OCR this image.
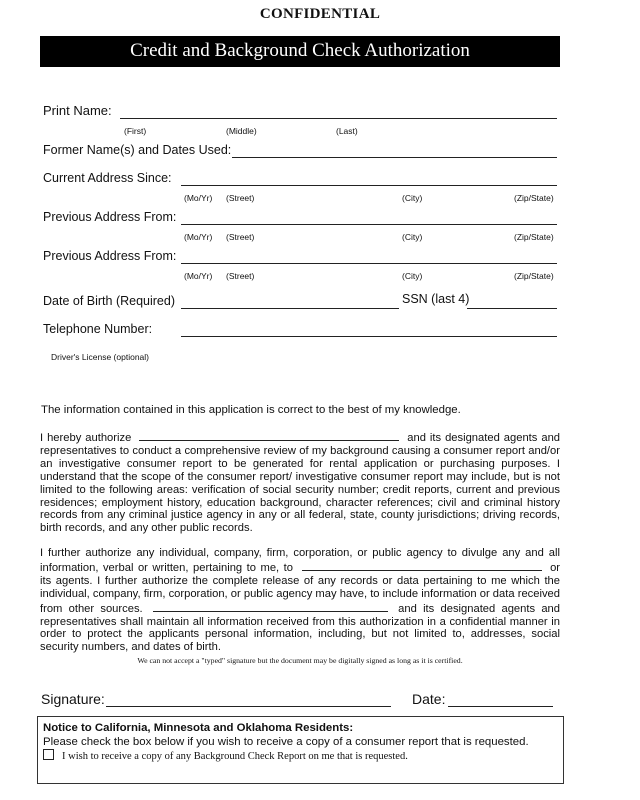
CONFIDENTIAL
Credit and Background Check Authorization
Print Name:
(First)	(Middle)	(Last)
Former Name(s) and Dates Used:
Current Address Since:
(Mo/Yr) (Street)	(City)	(Zip/State)
Previous Address From:
(Mo/Yr) (Street)	(City)	(Zip/State)
Previous Address From:
(Mo/Yr) (Street)	(City)	(Zip/State)
Date of Birth (Required)	SSN (last 4)
Telephone Number:
Driver's License (optional)
The information contained in this application is correct to the best of my knowledge.
I hereby authorize	and its designated agents and representatives to conduct a comprehensive review of my background causing a consumer report and/or an investigative consumer report to be generated for rental application or purchasing purposes. I understand that the scope of the consumer report/ investigative consumer report may include, but is not limited to the following areas: verification of social security number; credit reports, current and previous residences; employment history, education background, character references; civil and criminal history records from any criminal justice agency in any or all federal, state, county jurisdictions; driving records, birth records, and any other public records.
I further authorize any individual, company, firm, corporation, or public agency to divulge any and all information, verbal or written, pertaining to me, to	or its agents. I further authorize the complete release of any records or data pertaining to me which the individual, company, firm, corporation, or public agency may have, to include information or data received from other sources.	and its designated agents and representatives shall maintain all information received from this authorization in a confidential manner in order to protect the applicants personal information, including, but not limited to, addresses, social security numbers, and dates of birth.
We can not accept a "typed" signature but the document may be digitally signed as long as it is certified.
Signature:	Date:
Notice to California, Minnesota and Oklahoma Residents:
Please check the box below if you wish to receive a copy of a consumer report that is requested.
I wish to receive a copy of any Background Check Report on me that is requested.
